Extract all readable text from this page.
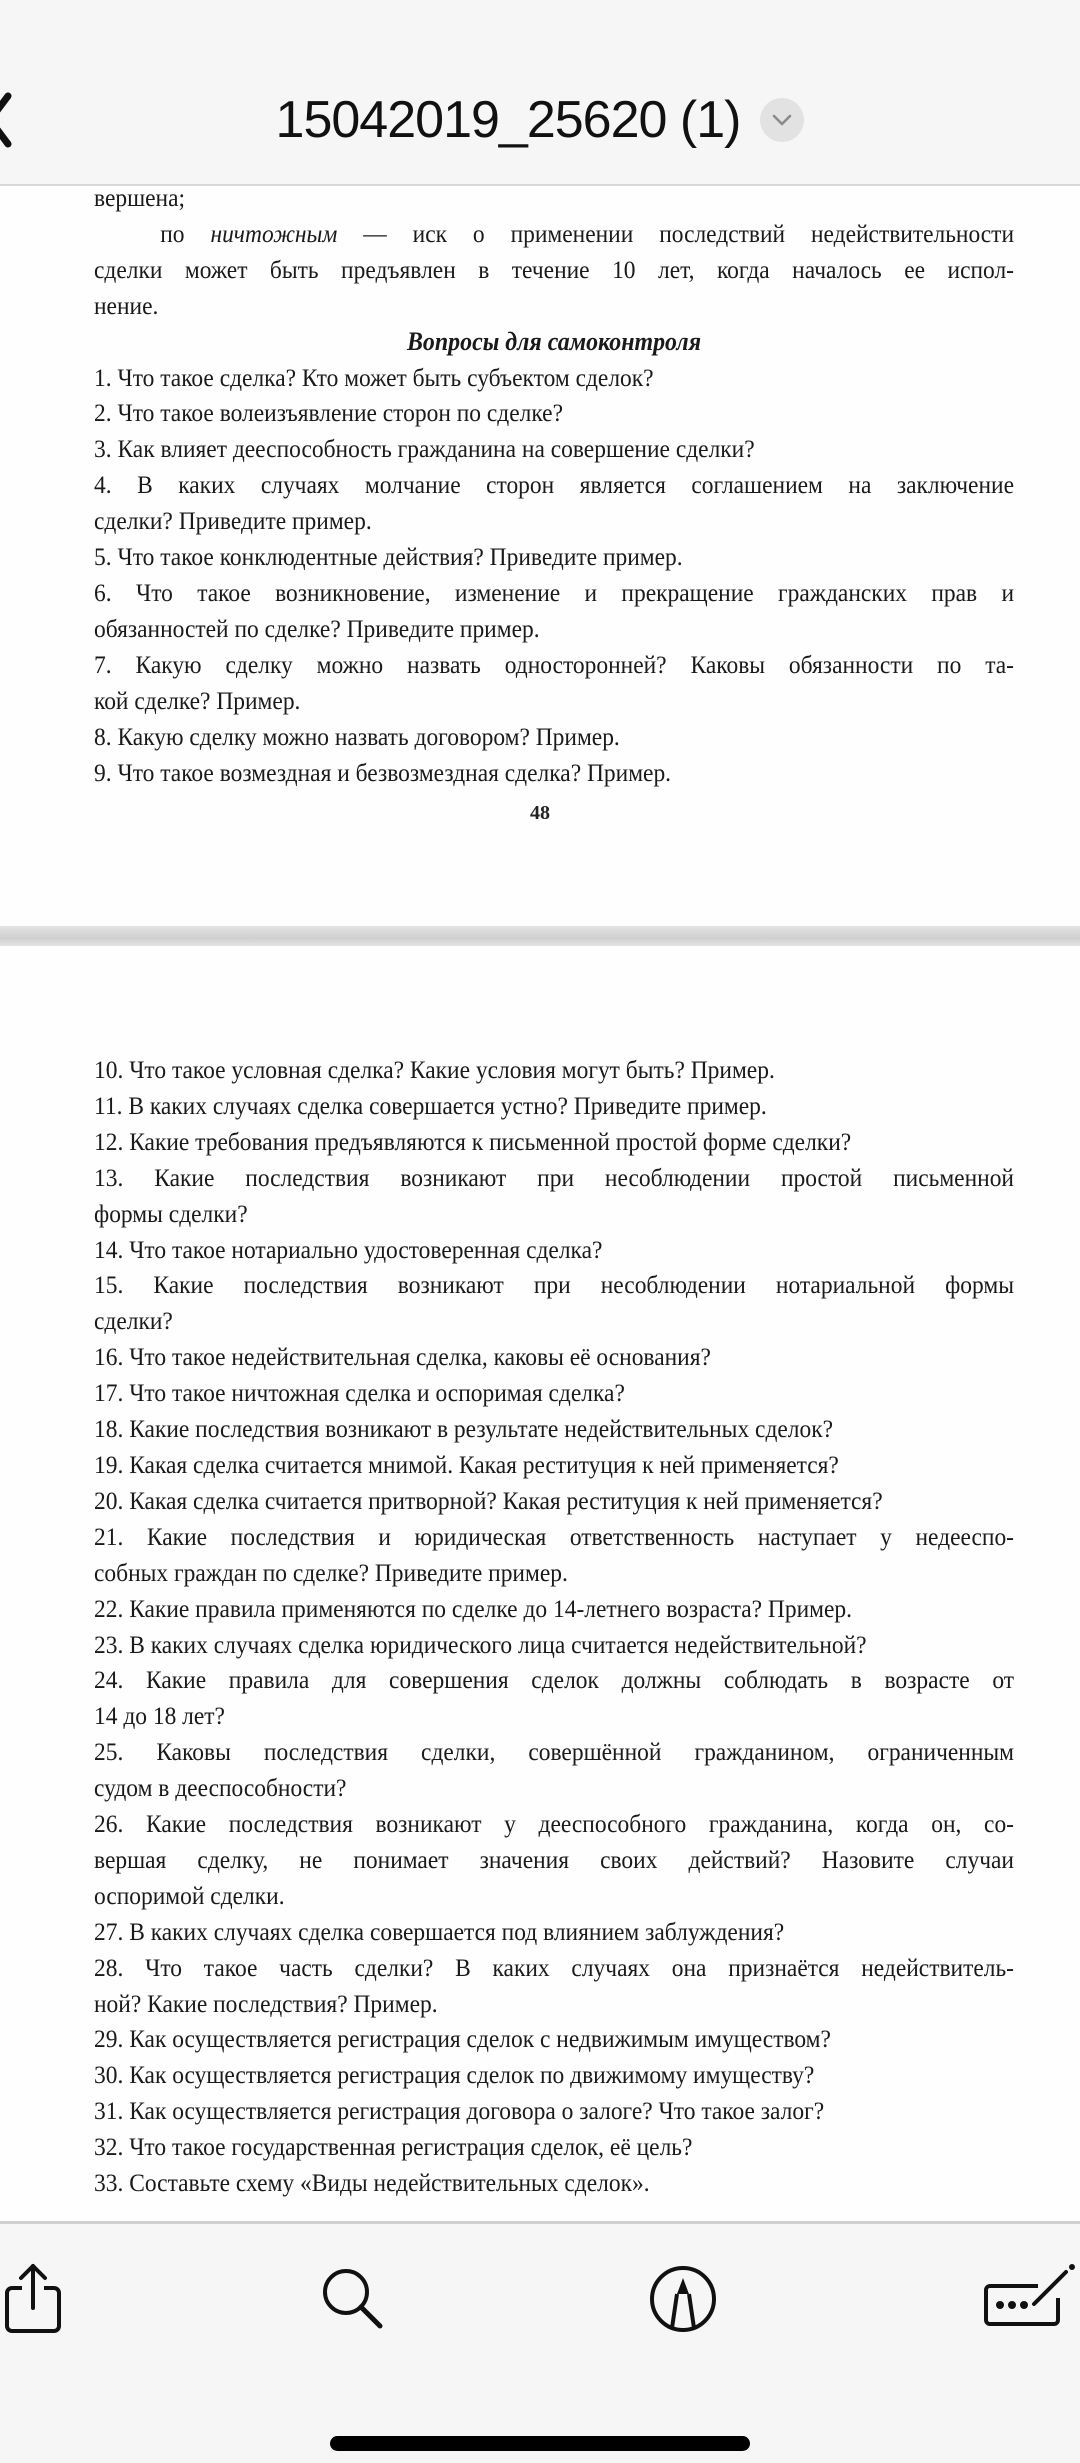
15042019_25620 (1)
вершена;
по ничтожным — иск о применении последствий недействительности
сделки может быть предъявлен в течение 10 лет, когда началось ее испол-
нение.
Вопросы для самоконтроля
1. Что такое сделка? Кто может быть субъектом сделок?
2. Что такое волеизъявление сторон по сделке?
3. Как влияет дееспособность гражданина на совершение сделки?
4. В каких случаях молчание сторон является соглашением на заключение
сделки? Приведите пример.
5. Что такое конклюдентные действия? Приведите пример.
6. Что такое возникновение, изменение и прекращение гражданских прав и
обязанностей по сделке? Приведите пример.
7. Какую сделку можно назвать односторонней? Каковы обязанности по та-
кой сделке? Пример.
8. Какую сделку можно назвать договором? Пример.
9. Что такое возмездная и безвозмездная сделка? Пример.
48
10. Что такое условная сделка? Какие условия могут быть? Пример.
11. В каких случаях сделка совершается устно? Приведите пример.
12. Какие требования предъявляются к письменной простой форме сделки?
13. Какие последствия возникают при несоблюдении простой письменной
формы сделки?
14. Что такое нотариально удостоверенная сделка?
15. Какие последствия возникают при несоблюдении нотариальной формы
сделки?
16. Что такое недействительная сделка, каковы её основания?
17. Что такое ничтожная сделка и оспоримая сделка?
18. Какие последствия возникают в результате недействительных сделок?
19. Какая сделка считается мнимой. Какая реституция к ней применяется?
20. Какая сделка считается притворной? Какая реституция к ней применяется?
21. Какие последствия и юридическая ответственность наступает у недееспо-
собных граждан по сделке? Приведите пример.
22. Какие правила применяются по сделке до 14-летнего возраста? Пример.
23. В каких случаях сделка юридического лица считается недействительной?
24. Какие правила для совершения сделок должны соблюдать в возрасте от
14 до 18 лет?
25. Каковы последствия сделки, совершённой гражданином, ограниченным
судом в дееспособности?
26. Какие последствия возникают у дееспособного гражданина, когда он, со-
вершая сделку, не понимает значения своих действий? Назовите случаи
оспоримой сделки.
27. В каких случаях сделка совершается под влиянием заблуждения?
28. Что такое часть сделки? В каких случаях она признаётся недействитель-
ной? Какие последствия? Пример.
29. Как осуществляется регистрация сделок с недвижимым имуществом?
30. Как осуществляется регистрация сделок по движимому имуществу?
31. Как осуществляется регистрация договора о залоге? Что такое залог?
32. Что такое государственная регистрация сделок, её цель?
33. Составьте схему «Виды недействительных сделок».
